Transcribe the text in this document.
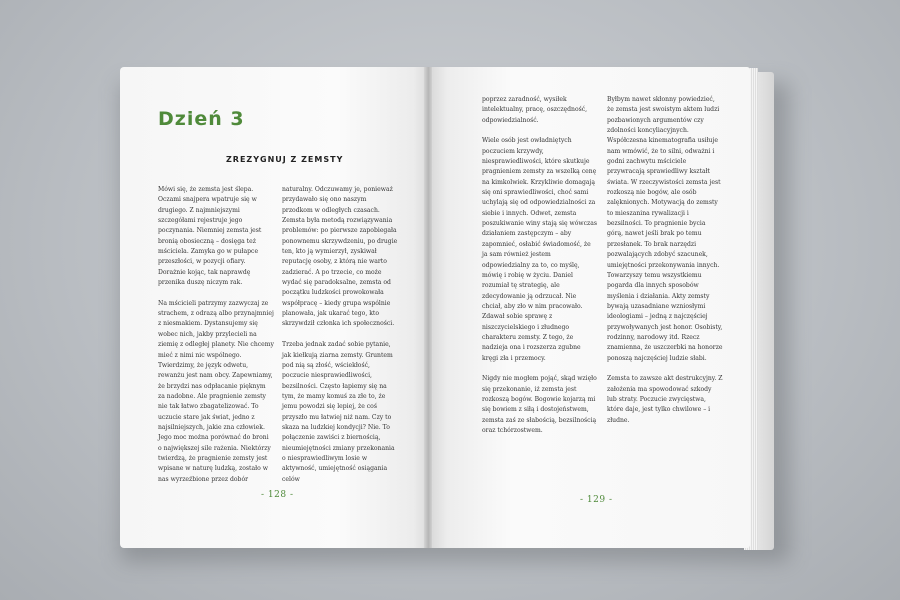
Dzień 3
ZREZYGNUJ Z ZEMSTY

Mówi się, że zemsta jest ślepa. Oczami snajpera wpatruje się w drugiego. Z najmniejszymi szczegółami rejestruje jego poczynania. Niemniej zemsta jest bronią obosieczną – dosięga też mściciela. Zamyka go w pułapce przeszłości, w pozycji ofiary. Dorażnie kojąc, tak naprawdę przenika duszę niczym rak.

Na mścicieli patrzymy zazwyczaj ze strachem, z odrazą albo przynajmniej z niesmakiem. Dystansujemy się wobec nich, jakby przylecieli na ziemię z odległej planety. Nie chcemy mieć z nimi nic wspólnego. Twierdzimy, że język odwetu, rewanżu jest nam obcy. Zapewniamy, że brzydzi nas odpłacanie pięknym za nadobne. Ale pragnienie zemsty nie tak łatwo zbagatelizować. To uczucie stare jak świat, jedno z najsilniejszych, jakie zna człowiek. Jego moc można porównać do broni o największej sile rażenia. Niektórzy twierdzą, że pragnienie zemsty jest wpisane w naturę ludzką, zostało w nas wyrzeźbione przez dobór

naturalny. Odczuwamy je, ponieważ przydawało się ono naszym przodkom w odległych czasach. Zemsta była metodą rozwiązywania problemów: po pierwsze zapobiegała ponownemu skrzywdzeniu, po drugie ten, kto ją wymierzył, zyskiwał reputację osoby, z którą nie warto zadzierać. A po trzecie, co może wydać się paradoksalne, zemsta od początku ludzkości prowokowała współpracę – kiedy grupa wspólnie planowała, jak ukarać tego, kto skrzywdził członka ich społeczności.

Trzeba jednak zadać sobie pytanie, jak kiełkują ziarna zemsty. Gruntem pod nią są złość, wściekłość, poczucie niesprawiedliwości, bezsilności. Często łapiemy się na tym, że mamy komuś za złe to, że jemu powodzi się lepiej, że coś przyszło mu łatwiej niż nam. Czy to skaza na ludzkiej kondycji? Nie. To połączenie zawiści z biernością, nieumiejętności zmiany przekonania o niesprawiedliwym losie w aktywność, umiejętność osiągania celów

poprzez zaradność, wysiłek intelektualny, pracę, oszczędność, odpowiedzialność.

Wiele osób jest owładniętych poczuciem krzywdy, niesprawiedliwości, które skutkuje pragnieniem zemsty za wszelką cenę na kimkolwiek. Krzykliwie domagają się oni sprawiedliwości, choć sami uchylają się od odpowiedzialności za siebie i innych. Odwet, zemsta poszukiwanie winy stają się wówczas działaniem zastępczym – aby zapomnieć, osłabić świadomość, że ja sam również jestem odpowiedzialny za to, co myślę, mówię i robię w życiu. Daniel rozumiał tę strategię, ale zdecydowanie ją odrzucał. Nie chciał, aby zło w nim pracowało. Zdawał sobie sprawę z niszczycielskiego i złudnego charakteru zemsty. Z tego, że nadzieja ona i rozszerza zgubne kręgi zła i przemocy.

Nigdy nie mogłem pojąć, skąd wzięło się przekonanie, iż zemsta jest rozkoszą bogów. Bogowie kojarzą mi się bowiem z siłą i dostojeństwem, zemsta zaś ze słabością, bezsilnością oraz tchórzostwem.

Byłbym nawet skłonny powiedzieć, że zemsta jest swoistym aktem ludzi pozbawionych argumentów czy zdolności koncyliacyjnych. Współczesna kinematografia usiłuje nam wmówić, że to silni, odważni i godni zachwytu mściciele przywracają sprawiedliwy kształt świata. W rzeczywistości zemsta jest rozkoszą nie bogów, ale osób zalęknionych. Motywacją do zemsty to mieszanina rywalizacji i bezsilności. To pragnienie bycia górą, nawet jeśli brak po temu przesłanek. To brak narzędzi pozwalających zdobyć szacunek, umiejętności przekonywania innych. Towarzyszy temu wszystkiemu pogarda dla innych sposobów myślenia i działania. Akty zemsty bywają uzasadniane wzniosłymi ideologiami – jedną z najczęściej przywoływanych jest honor. Osobisty, rodzinny, narodowy itd. Rzecz znamienna, że uszczerbki na honorze ponoszą najczęściej ludzie słabi.

Zemsta to zawsze akt destrukcyjny. Z założenia ma spowodować szkody lub straty. Poczucie zwycięstwa, które daje, jest tylko chwilowe – i złudne.

- 128 -	- 129 -
